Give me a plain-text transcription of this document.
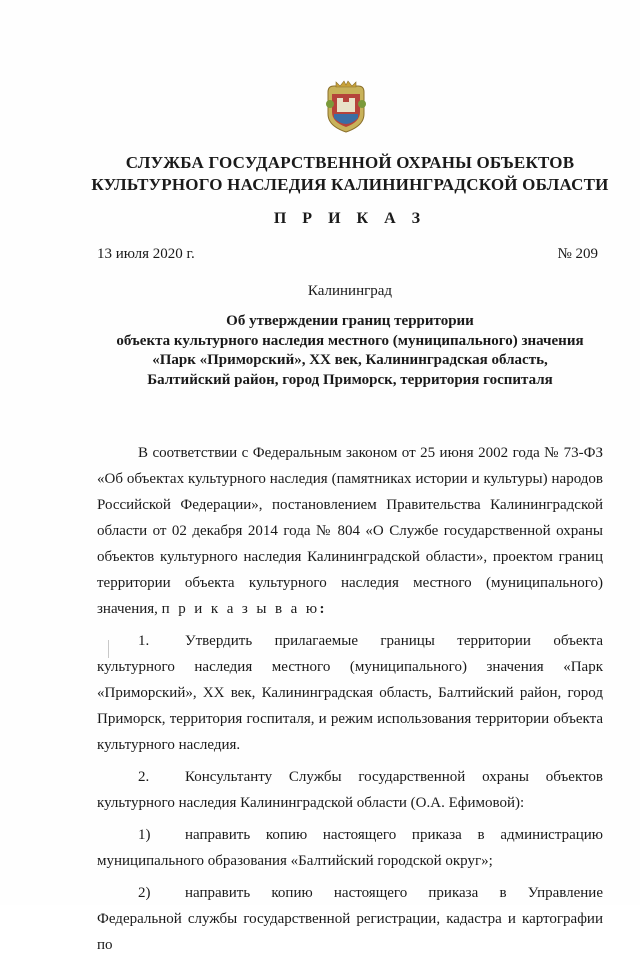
СЛУЖБА ГОСУДАРСТВЕННОЙ ОХРАНЫ ОБЪЕКТОВ
КУЛЬТУРНОГО НАСЛЕДИЯ КАЛИНИНГРАДСКОЙ ОБЛАСТИ
П Р И К А З
13 июля 2020 г.	№ 209
Калининград
Об утверждении границ территории
объекта культурного наследия местного (муниципального) значения
«Парк «Приморский», XX век, Калининградская область,
Балтийский район, город Приморск, территория госпиталя

В соответствии с Федеральным законом от 25 июня 2002 года № 73-ФЗ «Об объектах культурного наследия (памятниках истории и культуры) народов Российской Федерации», постановлением Правительства Калининградской области от 02 декабря 2014 года № 804 «О Службе государственной охраны объектов культурного наследия Калининградской области», проектом границ территории объекта культурного наследия местного (муниципального) значения, п р и к а з ы в а ю:

1. Утвердить прилагаемые границы территории объекта культурного наследия местного (муниципального) значения «Парк «Приморский», XX век, Калининградская область, Балтийский район, город Приморск, территория госпиталя, и режим использования территории объекта культурного наследия.

2. Консультанту Службы государственной охраны объектов культурного наследия Калининградской области (О.А. Ефимовой):

1) направить копию настоящего приказа в администрацию муниципального образования «Балтийский городской округ»;

2) направить копию настоящего приказа в Управление Федеральной службы государственной регистрации, кадастра и картографии по
